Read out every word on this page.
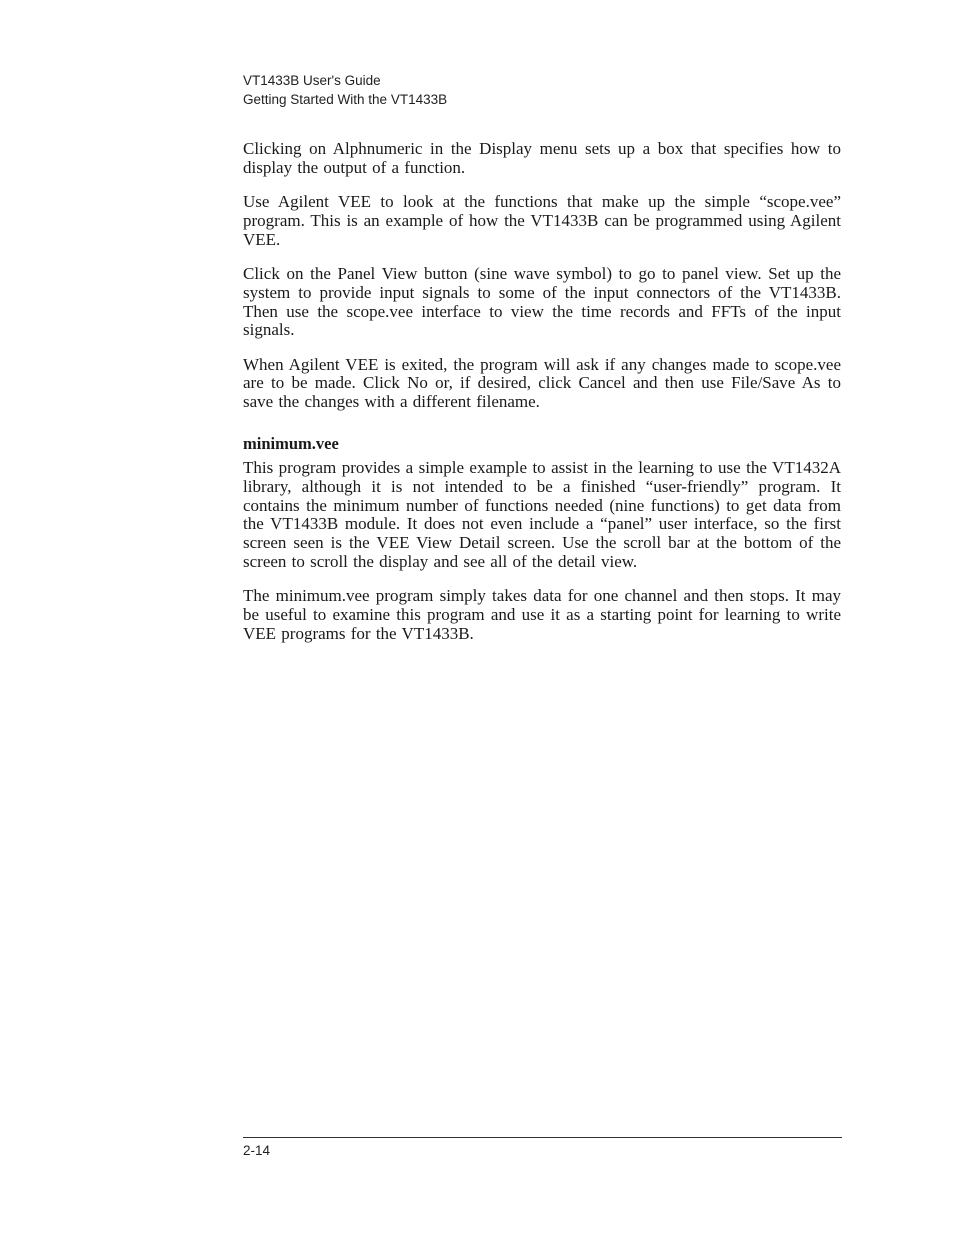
VT1433B User's Guide
Getting Started With the VT1433B

Clicking on Alphnumeric in the Display menu sets up a box that specifies how to display the output of a function.

Use Agilent VEE to look at the functions that make up the simple “scope.vee” program. This is an example of how the VT1433B can be programmed using Agilent VEE.

Click on the Panel View button (sine wave symbol) to go to panel view. Set up the system to provide input signals to some of the input connectors of the VT1433B. Then use the scope.vee interface to view the time records and FFTs of the input signals.

When Agilent VEE is exited, the program will ask if any changes made to scope.vee are to be made. Click No or, if desired, click Cancel and then use File/Save As to save the changes with a different filename.

minimum.vee

This program provides a simple example to assist in the learning to use the VT1432A library, although it is not intended to be a finished “user-friendly” program. It contains the minimum number of functions needed (nine functions) to get data from the VT1433B module. It does not even include a “panel” user interface, so the first screen seen is the VEE View Detail screen. Use the scroll bar at the bottom of the screen to scroll the display and see all of the detail view.

The minimum.vee program simply takes data for one channel and then stops. It may be useful to examine this program and use it as a starting point for learning to write VEE programs for the VT1433B.

2-14
